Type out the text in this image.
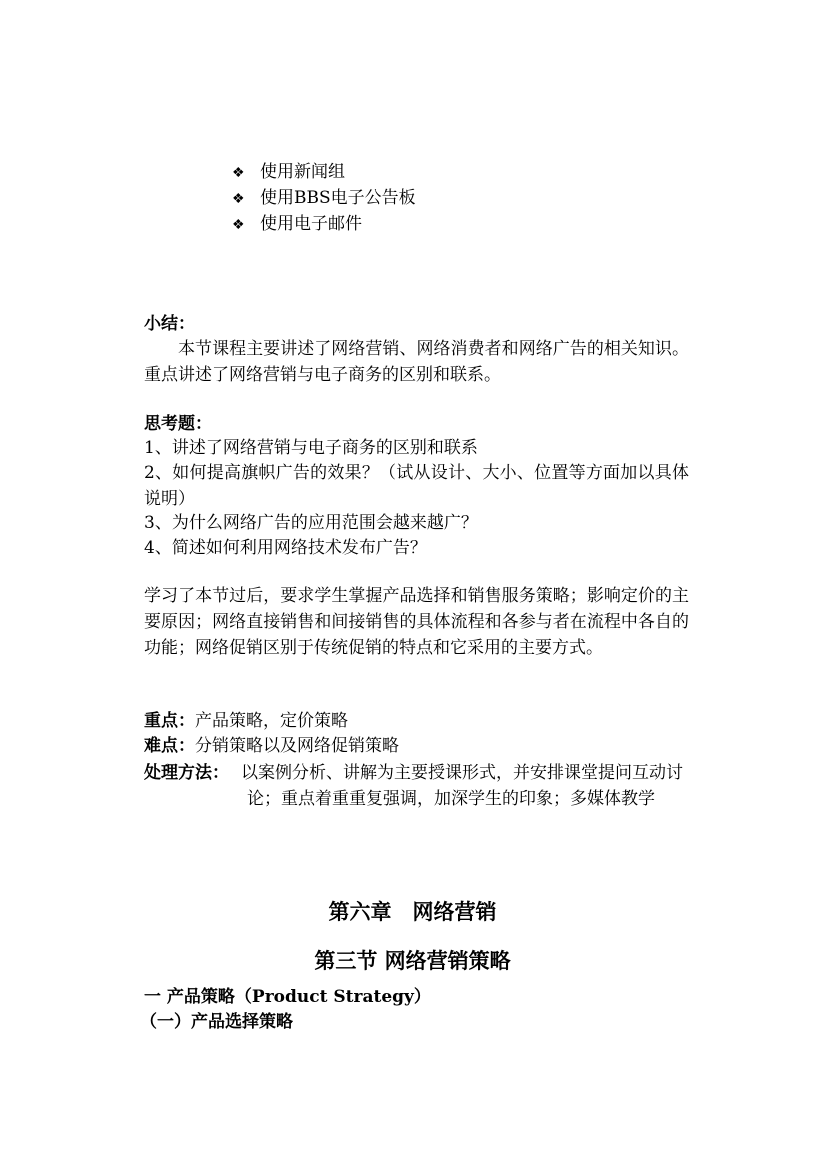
❖ 使用新闻组
❖ 使用BBS电子公告板
❖ 使用电子邮件
小结：
本节课程主要讲述了网络营销、网络消费者和网络广告的相关知识。重点讲述了网络营销与电子商务的区别和联系。
思考题：
1、讲述了网络营销与电子商务的区别和联系
2、如何提高旗帜广告的效果？（试从设计、大小、位置等方面加以具体说明）
3、为什么网络广告的应用范围会越来越广？
4、简述如何利用网络技术发布广告？
学习了本节过后，要求学生掌握产品选择和销售服务策略；影响定价的主要原因；网络直接销售和间接销售的具体流程和各参与者在流程中各自的功能；网络促销区别于传统促销的特点和它采用的主要方式。
重点：产品策略，定价策略
难点：分销策略以及网络促销策略
处理方法： 以案例分析、讲解为主要授课形式，并安排课堂提问互动讨论；重点着重重复强调，加深学生的印象；多媒体教学
第六章　网络营销
第三节 网络营销策略
一 产品策略（Product Strategy）
（一）产品选择策略
